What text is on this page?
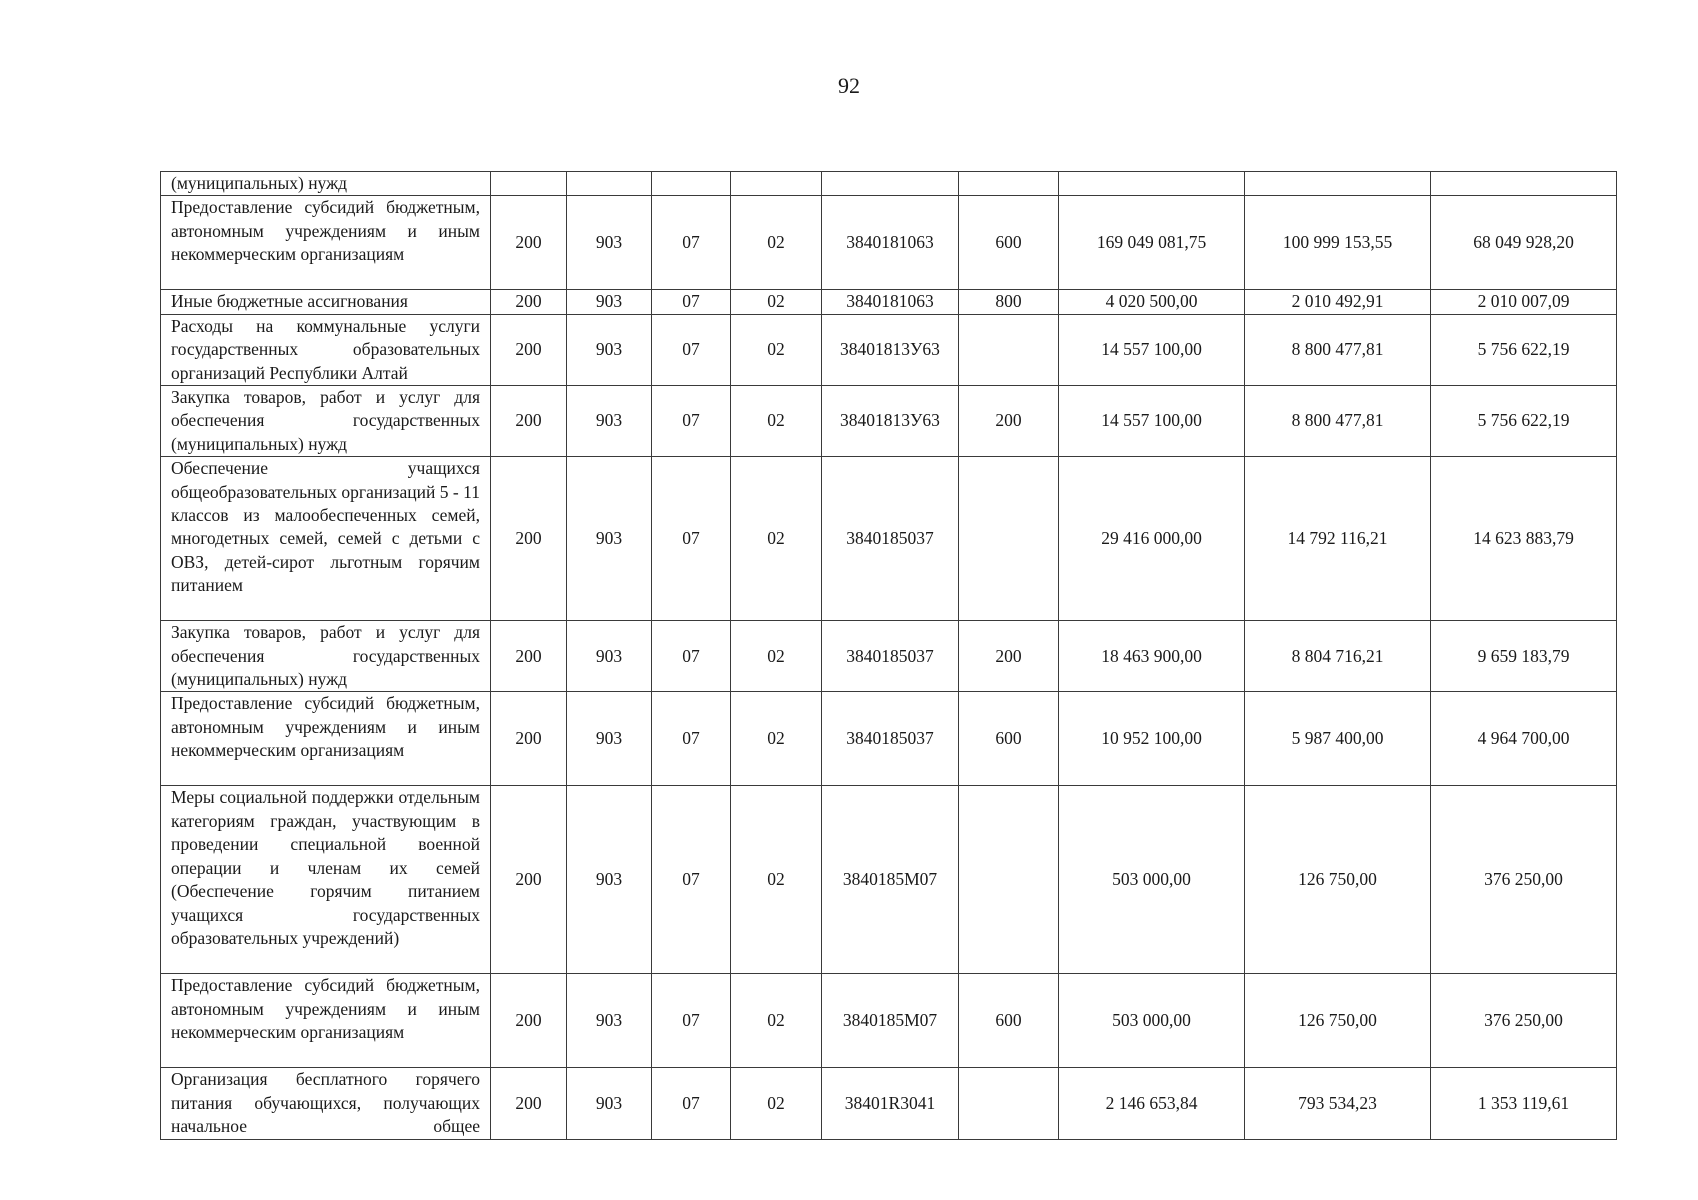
92
(муниципальных) нужд									
Предоставление субсидий бюджетным, автономным учреждениям и иным некоммерческим организациям	200	903	07	02	3840181063	600	169 049 081,75	100 999 153,55	68 049 928,20
Иные бюджетные ассигнования	200	903	07	02	3840181063	800	4 020 500,00	2 010 492,91	2 010 007,09
Расходы на коммунальные услуги государственных образовательных организаций Республики Алтай	200	903	07	02	38401813У63		14 557 100,00	8 800 477,81	5 756 622,19
Закупка товаров, работ и услуг для обеспечения государственных (муниципальных) нужд	200	903	07	02	38401813У63	200	14 557 100,00	8 800 477,81	5 756 622,19
Обеспечение учащихся общеобразовательных организаций 5 - 11 классов из малообеспеченных семей, многодетных семей, семей с детьми с ОВЗ, детей-сирот льготным горячим питанием	200	903	07	02	3840185037		29 416 000,00	14 792 116,21	14 623 883,79
Закупка товаров, работ и услуг для обеспечения государственных (муниципальных) нужд	200	903	07	02	3840185037	200	18 463 900,00	8 804 716,21	9 659 183,79
Предоставление субсидий бюджетным, автономным учреждениям и иным некоммерческим организациям	200	903	07	02	3840185037	600	10 952 100,00	5 987 400,00	4 964 700,00
Меры социальной поддержки отдельным категориям граждан, участвующим в проведении специальной военной операции и членам их семей (Обеспечение горячим питанием учащихся государственных образовательных учреждений)	200	903	07	02	3840185М07		503 000,00	126 750,00	376 250,00
Предоставление субсидий бюджетным, автономным учреждениям и иным некоммерческим организациям	200	903	07	02	3840185М07	600	503 000,00	126 750,00	376 250,00
Организация бесплатного горячего питания обучающихся, получающих начальное общее	200	903	07	02	38401R3041		2 146 653,84	793 534,23	1 353 119,61
